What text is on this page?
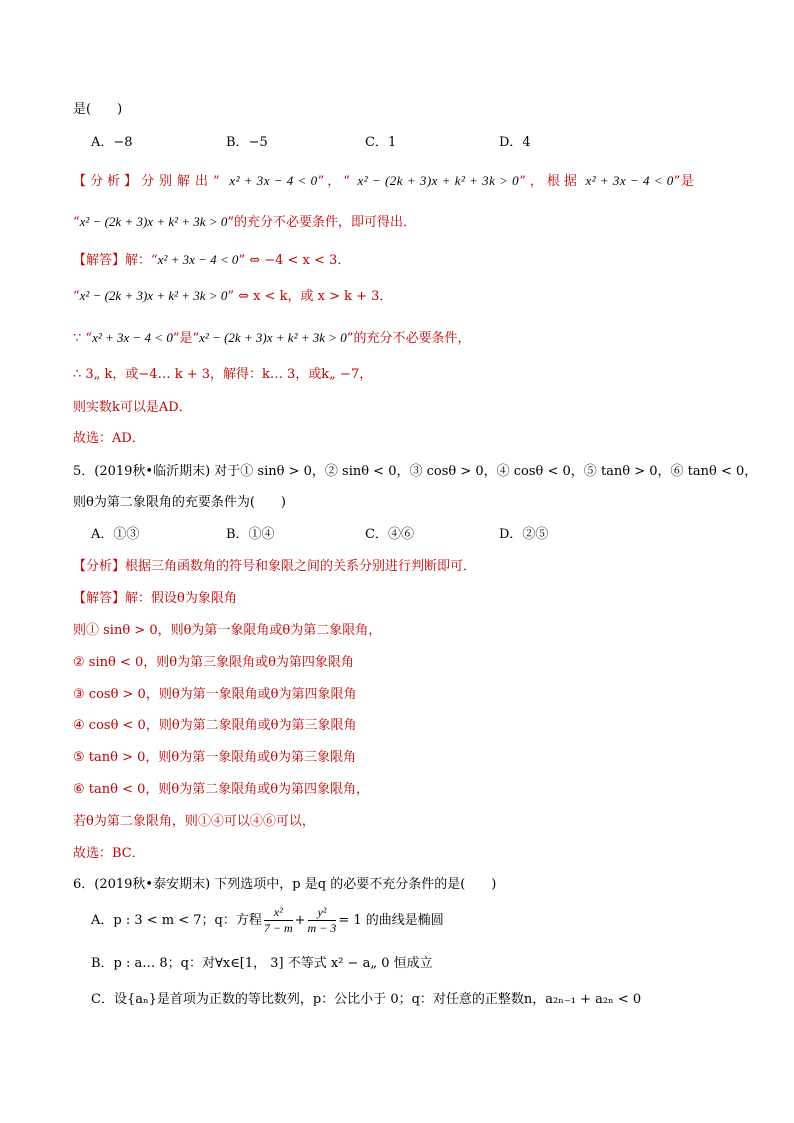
是(　　)
A．−8	B．−5	C．1	D．4
【分析】分别解出” x² + 3x − 4 < 0”，“ x² − (2k + 3)x + k² + 3k > 0”，根据 x² + 3x − 4 < 0”是
“x² − (2k + 3)x + k² + 3k > 0”的充分不必要条件，即可得出．
【解答】解：“x² + 3x − 4 < 0” ⇔ −4 < x < 3．
“x² − (2k + 3)x + k² + 3k > 0” ⇔ x < k，或 x > k + 3．
∵ “x² + 3x − 4 < 0”是“x² − (2k + 3)x + k² + 3k > 0”的充分不必要条件，
∴ 3„ k，或−4… k + 3，解得：k… 3，或k„ −7，
则实数k可以是AD．
故选：AD．
5．(2019秋•临沂期末) 对于① sinθ > 0，② sinθ < 0，③ cosθ > 0，④ cosθ < 0，⑤ tanθ > 0，⑥ tanθ < 0，
则θ为第二象限角的充要条件为(　　)
A．①③	B．①④	C．④⑥	D．②⑤
【分析】根据三角函数角的符号和象限之间的关系分别进行判断即可．
【解答】解：假设θ为象限角
则① sinθ > 0，则θ为第一象限角或θ为第二象限角，
② sinθ < 0，则θ为第三象限角或θ为第四象限角
③ cosθ > 0，则θ为第一象限角或θ为第四象限角
④ cosθ < 0，则θ为第二象限角或θ为第三象限角
⑤ tanθ > 0，则θ为第一象限角或θ为第三象限角
⑥ tanθ < 0，则θ为第二象限角或θ为第四象限角，
若θ为第二象限角，则①④可以④⑥可以，
故选：BC．
6．(2019秋•泰安期末) 下列选项中，p 是q 的必要不充分条件的是(　　)
A．p : 3 < m < 7；q：方程 $\frac{\text{x²}}{7 - m} + \frac{\text{y²}}{m - 3} = 1$ 的曲线是椭圆
B．p : a… 8；q：对∀x∈[1， 3] 不等式 x² − a„ 0 恒成立
C．设{aₙ}是首项为正数的等比数列，p：公比小于 0；q：对任意的正整数n，a₂ₙ₋₁ + a₂ₙ < 0
